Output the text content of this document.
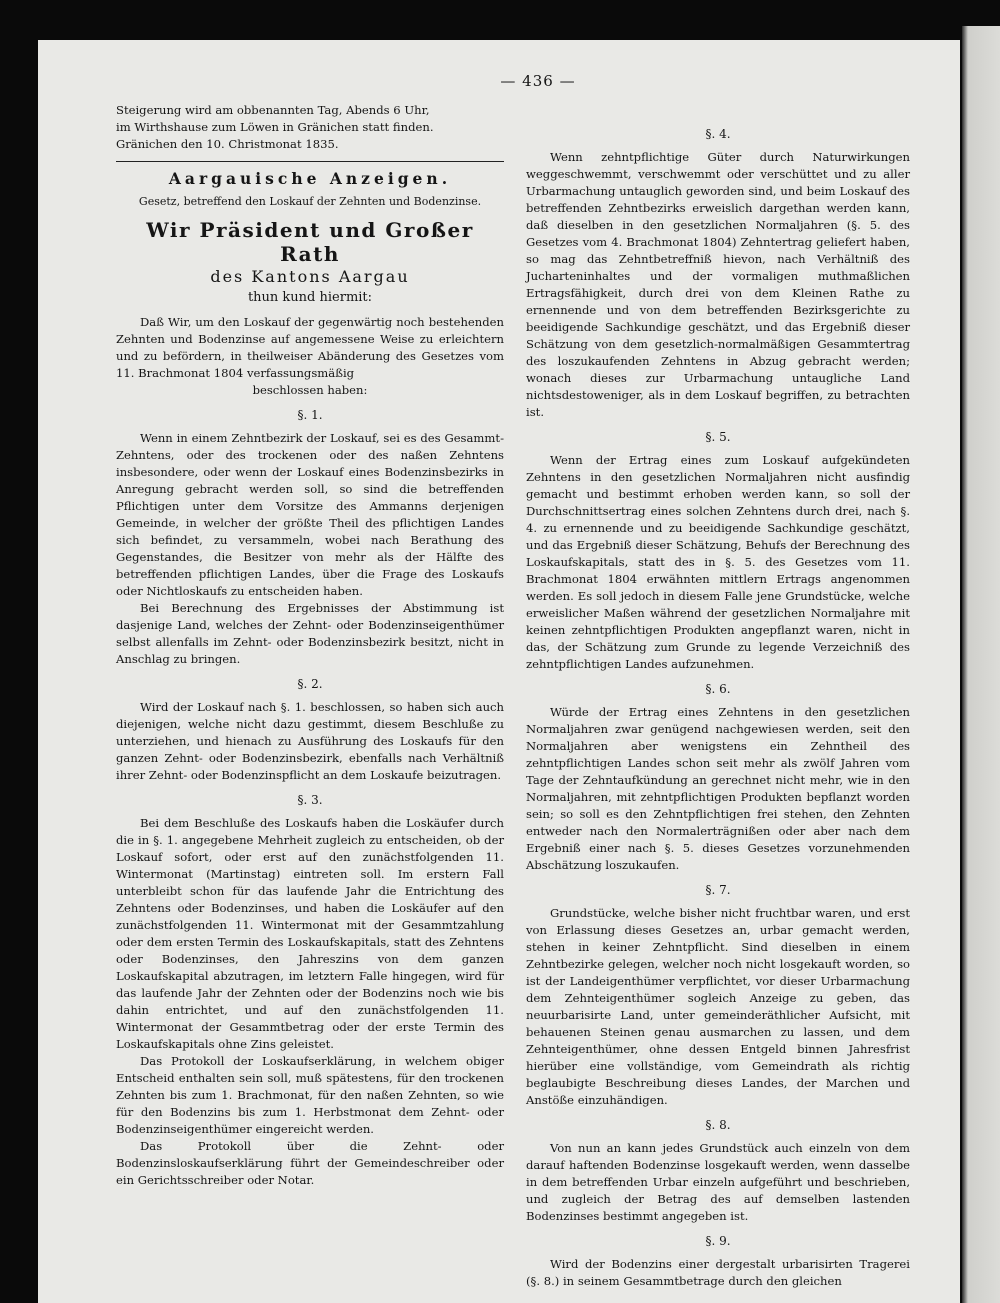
— 436 —

Steigerung wird am obbenannten Tag, Abends 6 Uhr,

im Wirthshause zum Löwen in Gränichen statt finden.

Gränichen den 10. Christmonat 1835.

Aargauische Anzeigen.
Gesetz, betreffend den Loskauf der Zehnten und Bodenzinse.
Wir Präsident und Großer Rath
des Kantons Aargau
thun kund hiermit:

Daß Wir, um den Loskauf der gegenwärtig noch bestehenden Zehnten und Bodenzinse auf angemessene Weise zu erleichtern und zu befördern, in theilweiser Abänderung des Gesetzes vom 11. Brachmonat 1804 verfassungsmäßig

beschlossen haben:

§. 1.

Wenn in einem Zehntbezirk der Loskauf, sei es des Gesammt-Zehntens, oder des trockenen oder des naßen Zehntens insbesondere, oder wenn der Loskauf eines Bodenzinsbezirks in Anregung gebracht werden soll, so sind die betreffenden Pflichtigen unter dem Vorsitze des Ammanns derjenigen Gemeinde, in welcher der größte Theil des pflichtigen Landes sich befindet, zu versammeln, wobei nach Berathung des Gegenstandes, die Besitzer von mehr als der Hälfte des betreffenden pflichtigen Landes, über die Frage des Loskaufs oder Nichtloskaufs zu entscheiden haben.

Bei Berechnung des Ergebnisses der Abstimmung ist dasjenige Land, welches der Zehnt- oder Bodenzinseigenthümer selbst allenfalls im Zehnt- oder Bodenzinsbezirk besitzt, nicht in Anschlag zu bringen.

§. 2.

Wird der Loskauf nach §. 1. beschlossen, so haben sich auch diejenigen, welche nicht dazu gestimmt, diesem Beschluße zu unterziehen, und hienach zu Ausführung des Loskaufs für den ganzen Zehnt- oder Bodenzinsbezirk, ebenfalls nach Verhältniß ihrer Zehnt- oder Bodenzinspflicht an dem Loskaufe beizutragen.

§. 3.

Bei dem Beschluße des Loskaufs haben die Loskäufer durch die in §. 1. angegebene Mehrheit zugleich zu entscheiden, ob der Loskauf sofort, oder erst auf den zunächstfolgenden 11. Wintermonat (Martinstag) eintreten soll. Im erstern Fall unterbleibt schon für das laufende Jahr die Entrichtung des Zehntens oder Bodenzinses, und haben die Loskäufer auf den zunächstfolgenden 11. Wintermonat mit der Gesammtzahlung oder dem ersten Termin des Loskaufskapitals, statt des Zehntens oder Bodenzinses, den Jahreszins von dem ganzen Loskaufskapital abzutragen, im letztern Falle hingegen, wird für das laufende Jahr der Zehnten oder der Bodenzins noch wie bis dahin entrichtet, und auf den zunächstfolgenden 11. Wintermonat der Gesammtbetrag oder der erste Termin des Loskaufskapitals ohne Zins geleistet.

Das Protokoll der Loskaufserklärung, in welchem obiger Entscheid enthalten sein soll, muß spätestens, für den trockenen Zehnten bis zum 1. Brachmonat, für den naßen Zehnten, so wie für den Bodenzins bis zum 1. Herbstmonat dem Zehnt- oder Bodenzinseigenthümer eingereicht werden.

Das Protokoll über die Zehnt- oder Bodenzinsloskaufserklärung führt der Gemeindeschreiber oder ein Gerichtsschreiber oder Notar.

§. 4.

Wenn zehntpflichtige Güter durch Naturwirkungen weggeschwemmt, verschwemmt oder verschüttet und zu aller Urbarmachung untauglich geworden sind, und beim Loskauf des betreffenden Zehntbezirks erweislich dargethan werden kann, daß dieselben in den gesetzlichen Normaljahren (§. 5. des Gesetzes vom 4. Brachmonat 1804) Zehntertrag geliefert haben, so mag das Zehntbetreffniß hievon, nach Verhältniß des Jucharteninhaltes und der vormaligen muthmaßlichen Ertragsfähigkeit, durch drei von dem Kleinen Rathe zu ernennende und von dem betreffenden Bezirksgerichte zu beeidigende Sachkundige geschätzt, und das Ergebniß dieser Schätzung von dem gesetzlich-normalmäßigen Gesammtertrag des loszukaufenden Zehntens in Abzug gebracht werden; wonach dieses zur Urbarmachung untaugliche Land nichtsdestoweniger, als in dem Loskauf begriffen, zu betrachten ist.

§. 5.

Wenn der Ertrag eines zum Loskauf aufgekündeten Zehntens in den gesetzlichen Normaljahren nicht ausfindig gemacht und bestimmt erhoben werden kann, so soll der Durchschnittsertrag eines solchen Zehntens durch drei, nach §. 4. zu ernennende und zu beeidigende Sachkundige geschätzt, und das Ergebniß dieser Schätzung, Behufs der Berechnung des Loskaufskapitals, statt des in §. 5. des Gesetzes vom 11. Brachmonat 1804 erwähnten mittlern Ertrags angenommen werden. Es soll jedoch in diesem Falle jene Grundstücke, welche erweislicher Maßen während der gesetzlichen Normaljahre mit keinen zehntpflichtigen Produkten angepflanzt waren, nicht in das, der Schätzung zum Grunde zu legende Verzeichniß des zehntpflichtigen Landes aufzunehmen.

§. 6.

Würde der Ertrag eines Zehntens in den gesetzlichen Normaljahren zwar genügend nachgewiesen werden, seit den Normaljahren aber wenigstens ein Zehntheil des zehntpflichtigen Landes schon seit mehr als zwölf Jahren vom Tage der Zehntaufkündung an gerechnet nicht mehr, wie in den Normaljahren, mit zehntpflichtigen Produkten bepflanzt worden sein; so soll es den Zehntpflichtigen frei stehen, den Zehnten entweder nach den Normalerträgnißen oder aber nach dem Ergebniß einer nach §. 5. dieses Gesetzes vorzunehmenden Abschätzung loszukaufen.

§. 7.

Grundstücke, welche bisher nicht fruchtbar waren, und erst von Erlassung dieses Gesetzes an, urbar gemacht werden, stehen in keiner Zehntpflicht. Sind dieselben in einem Zehntbezirke gelegen, welcher noch nicht losgekauft worden, so ist der Landeigenthümer verpflichtet, vor dieser Urbarmachung dem Zehnteigenthümer sogleich Anzeige zu geben, das neuurbarisirte Land, unter gemeinderäthlicher Aufsicht, mit behauenen Steinen genau ausmarchen zu lassen, und dem Zehnteigenthümer, ohne dessen Entgeld binnen Jahresfrist hierüber eine vollständige, vom Gemeindrath als richtig beglaubigte Beschreibung dieses Landes, der Marchen und Anstöße einzuhändigen.

§. 8.

Von nun an kann jedes Grundstück auch einzeln von dem darauf haftenden Bodenzinse losgekauft werden, wenn dasselbe in dem betreffenden Urbar einzeln aufgeführt und beschrieben, und zugleich der Betrag des auf demselben lastenden Bodenzinses bestimmt angegeben ist.

§. 9.

Wird der Bodenzins einer dergestalt urbarisirten Tragerei (§. 8.) in seinem Gesammtbetrage durch den gleichen
